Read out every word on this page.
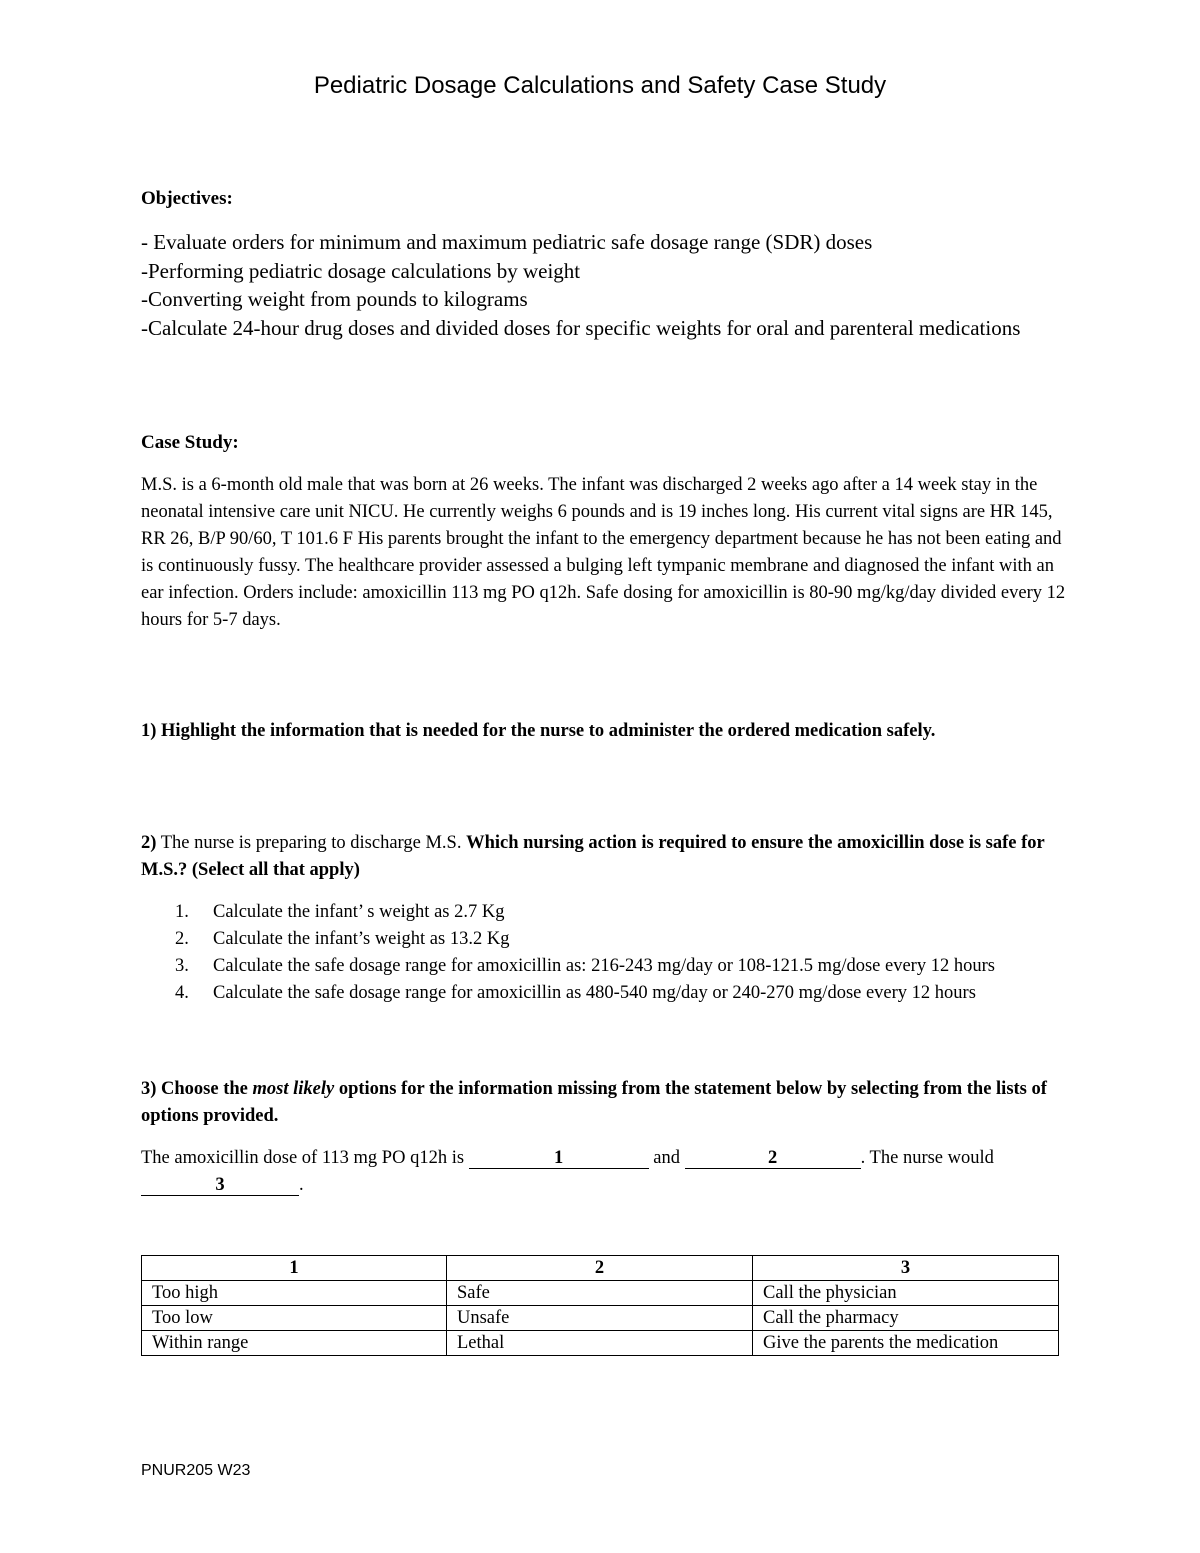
Pediatric Dosage Calculations and Safety Case Study
Objectives:
- Evaluate orders for minimum and maximum pediatric safe dosage range (SDR) doses
-Performing pediatric dosage calculations by weight
-Converting weight from pounds to kilograms
-Calculate 24-hour drug doses and divided doses for specific weights for oral and parenteral medications
Case Study:
M.S. is a 6-month old male that was born at 26 weeks. The infant was discharged 2 weeks ago after a 14 week stay in the neonatal intensive care unit NICU. He currently weighs 6 pounds and is 19 inches long. His current vital signs are HR 145, RR 26, B/P 90/60, T 101.6 F His parents brought the infant to the emergency department because he has not been eating and is continuously fussy. The healthcare provider assessed a bulging left tympanic membrane and diagnosed the infant with an ear infection. Orders include: amoxicillin 113 mg PO q12h. Safe dosing for amoxicillin is 80-90 mg/kg/day divided every 12 hours for 5-7 days.
1) Highlight the information that is needed for the nurse to administer the ordered medication safely.
2) The nurse is preparing to discharge M.S. Which nursing action is required to ensure the amoxicillin dose is safe for M.S.? (Select all that apply)
1. Calculate the infant’ s weight as 2.7 Kg
2. Calculate the infant’s weight as 13.2 Kg
3. Calculate the safe dosage range for amoxicillin as: 216-243 mg/day or 108-121.5 mg/dose every 12 hours
4. Calculate the safe dosage range for amoxicillin as 480-540 mg/day or 240-270 mg/dose every 12 hours
3) Choose the most likely options for the information missing from the statement below by selecting from the lists of options provided.
The amoxicillin dose of 113 mg PO q12h is	1	and	2	. The nurse would 3	.
1	2	3
Too high	Safe	Call the physician
Too low	Unsafe	Call the pharmacy
Within range	Lethal	Give the parents the medication
PNUR205 W23
